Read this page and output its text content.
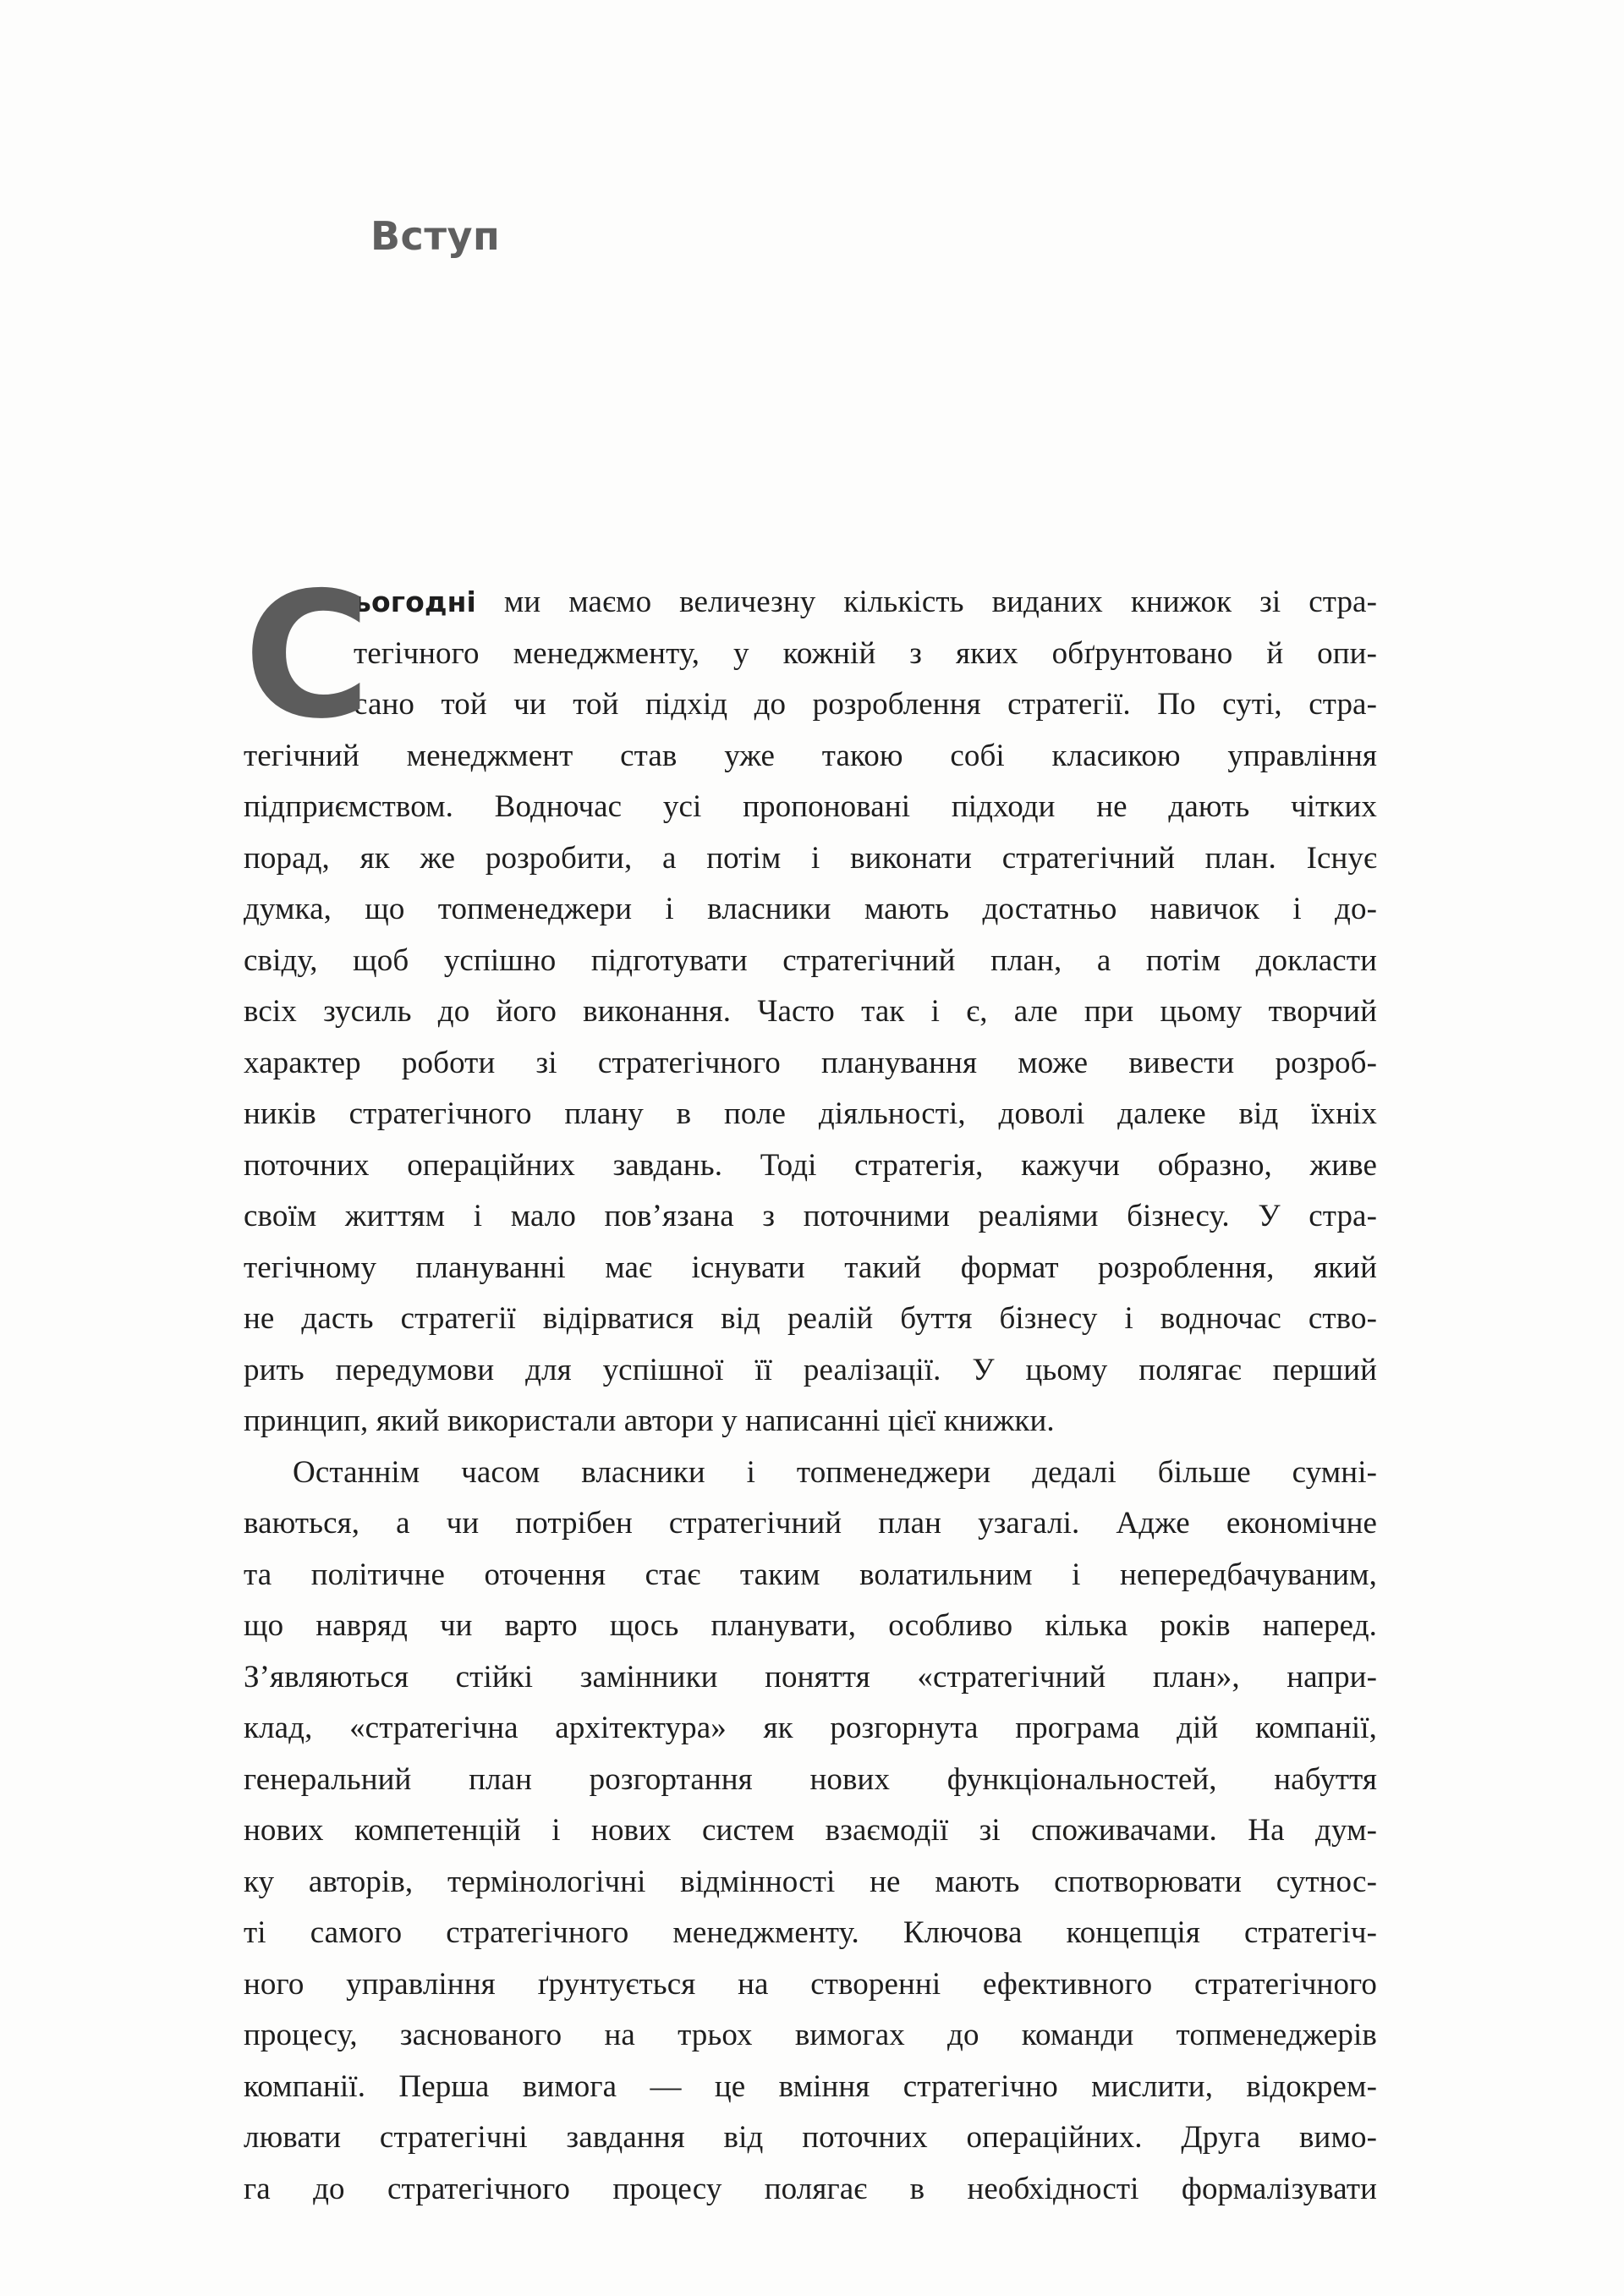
Вступ
С
ьогодні ми маємо величезну кількість виданих книжок зі стра-
тегічного менеджменту, у кожній з яких обґрунтовано й опи-
сано той чи той підхід до розроблення стратегії. По суті, стра-
тегічний менеджмент став уже такою собі класикою управління
підприємством. Водночас усі пропоновані підходи не дають чітких
порад, як же розробити, а потім і виконати стратегічний план. Існує
думка, що топменеджери і власники мають достатньо навичок і до-
свіду, щоб успішно підготувати стратегічний план, а потім докласти
всіх зусиль до його виконання. Часто так і є, але при цьому творчий
характер роботи зі стратегічного планування може вивести розроб-
ників стратегічного плану в поле діяльності, доволі далеке від їхніх
поточних операційних завдань. Тоді стратегія, кажучи образно, живе
своїм життям і мало пов’язана з поточними реаліями бізнесу. У стра-
тегічному плануванні має існувати такий формат розроблення, який
не дасть стратегії відірватися від реалій буття бізнесу і водночас ство-
рить передумови для успішної її реалізації. У цьому полягає перший
принцип, який використали автори у написанні цієї книжки.
Останнім часом власники і топменеджери дедалі більше сумні-
ваються, а чи потрібен стратегічний план узагалі. Адже економічне
та політичне оточення стає таким волатильним і непередбачуваним,
що навряд чи варто щось планувати, особливо кілька років наперед.
З’являються стійкі замінники поняття «стратегічний план», напри-
клад, «стратегічна архітектура» як розгорнута програма дій компанії,
генеральний план розгортання нових функціональностей, набуття
нових компетенцій і нових систем взаємодії зі споживачами. На дум-
ку авторів, термінологічні відмінності не мають спотворювати сутнос-
ті самого стратегічного менеджменту. Ключова концепція стратегіч-
ного управління ґрунтується на створенні ефективного стратегічного
процесу, заснованого на трьох вимогах до команди топменеджерів
компанії. Перша вимога — це вміння стратегічно мислити, відокрем-
лювати стратегічні завдання від поточних операційних. Друга вимо-
га до стратегічного процесу полягає в необхідності формалізувати
